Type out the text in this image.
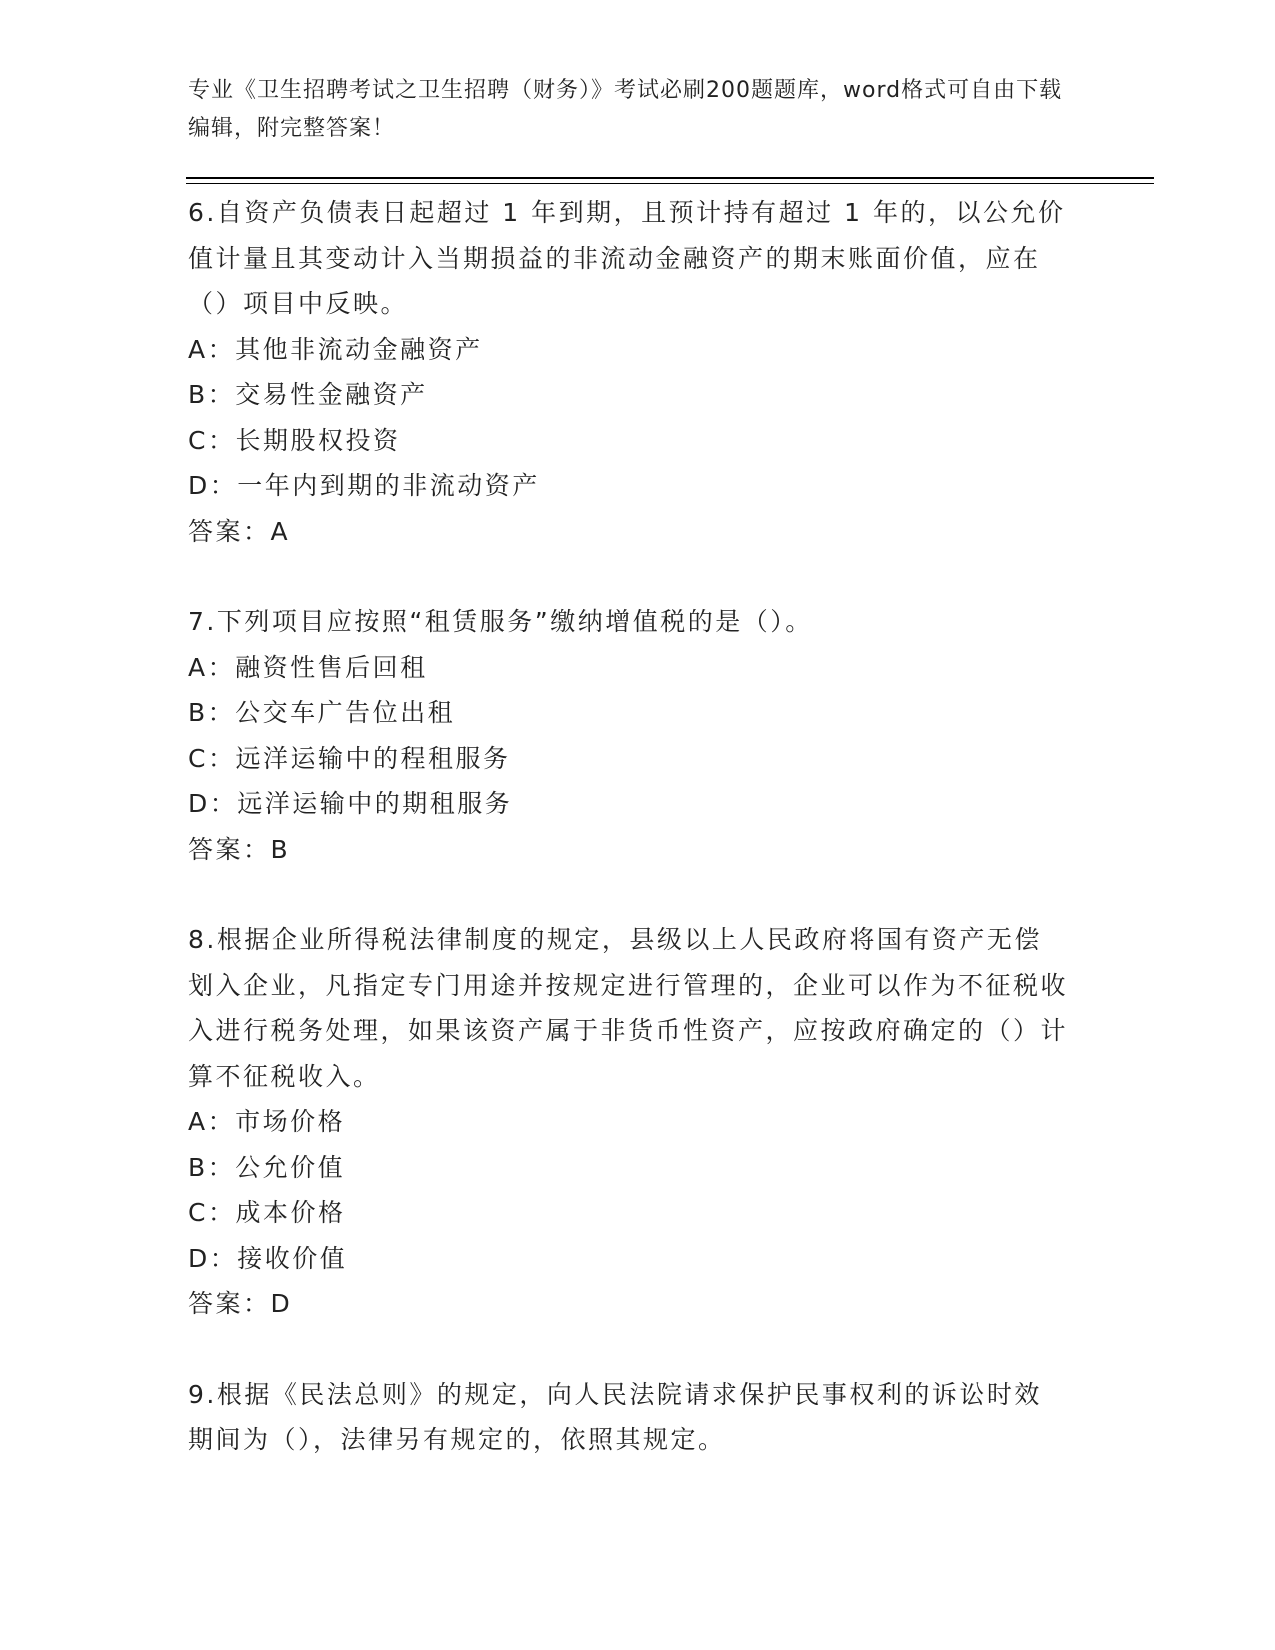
专业《卫生招聘考试之卫生招聘（财务）》考试必刷200题题库，word格式可自由下载编辑，附完整答案！

6.自资产负债表日起超过 1 年到期，且预计持有超过 1 年的，以公允价值计量且其变动计入当期损益的非流动金融资产的期末账面价值，应在（）项目中反映。

A：其他非流动金融资产

B：交易性金融资产

C：长期股权投资

D：一年内到期的非流动资产

答案：A

7.下列项目应按照“租赁服务”缴纳增值税的是（）。

A：融资性售后回租

B：公交车广告位出租

C：远洋运输中的程租服务

D：远洋运输中的期租服务

答案：B

8.根据企业所得税法律制度的规定，县级以上人民政府将国有资产无偿划入企业，凡指定专门用途并按规定进行管理的，企业可以作为不征税收入进行税务处理，如果该资产属于非货币性资产，应按政府确定的（）计算不征税收入。

A：市场价格

B：公允价值

C：成本价格

D：接收价值

答案：D

9.根据《民法总则》的规定，向人民法院请求保护民事权利的诉讼时效期间为（），法律另有规定的，依照其规定。
